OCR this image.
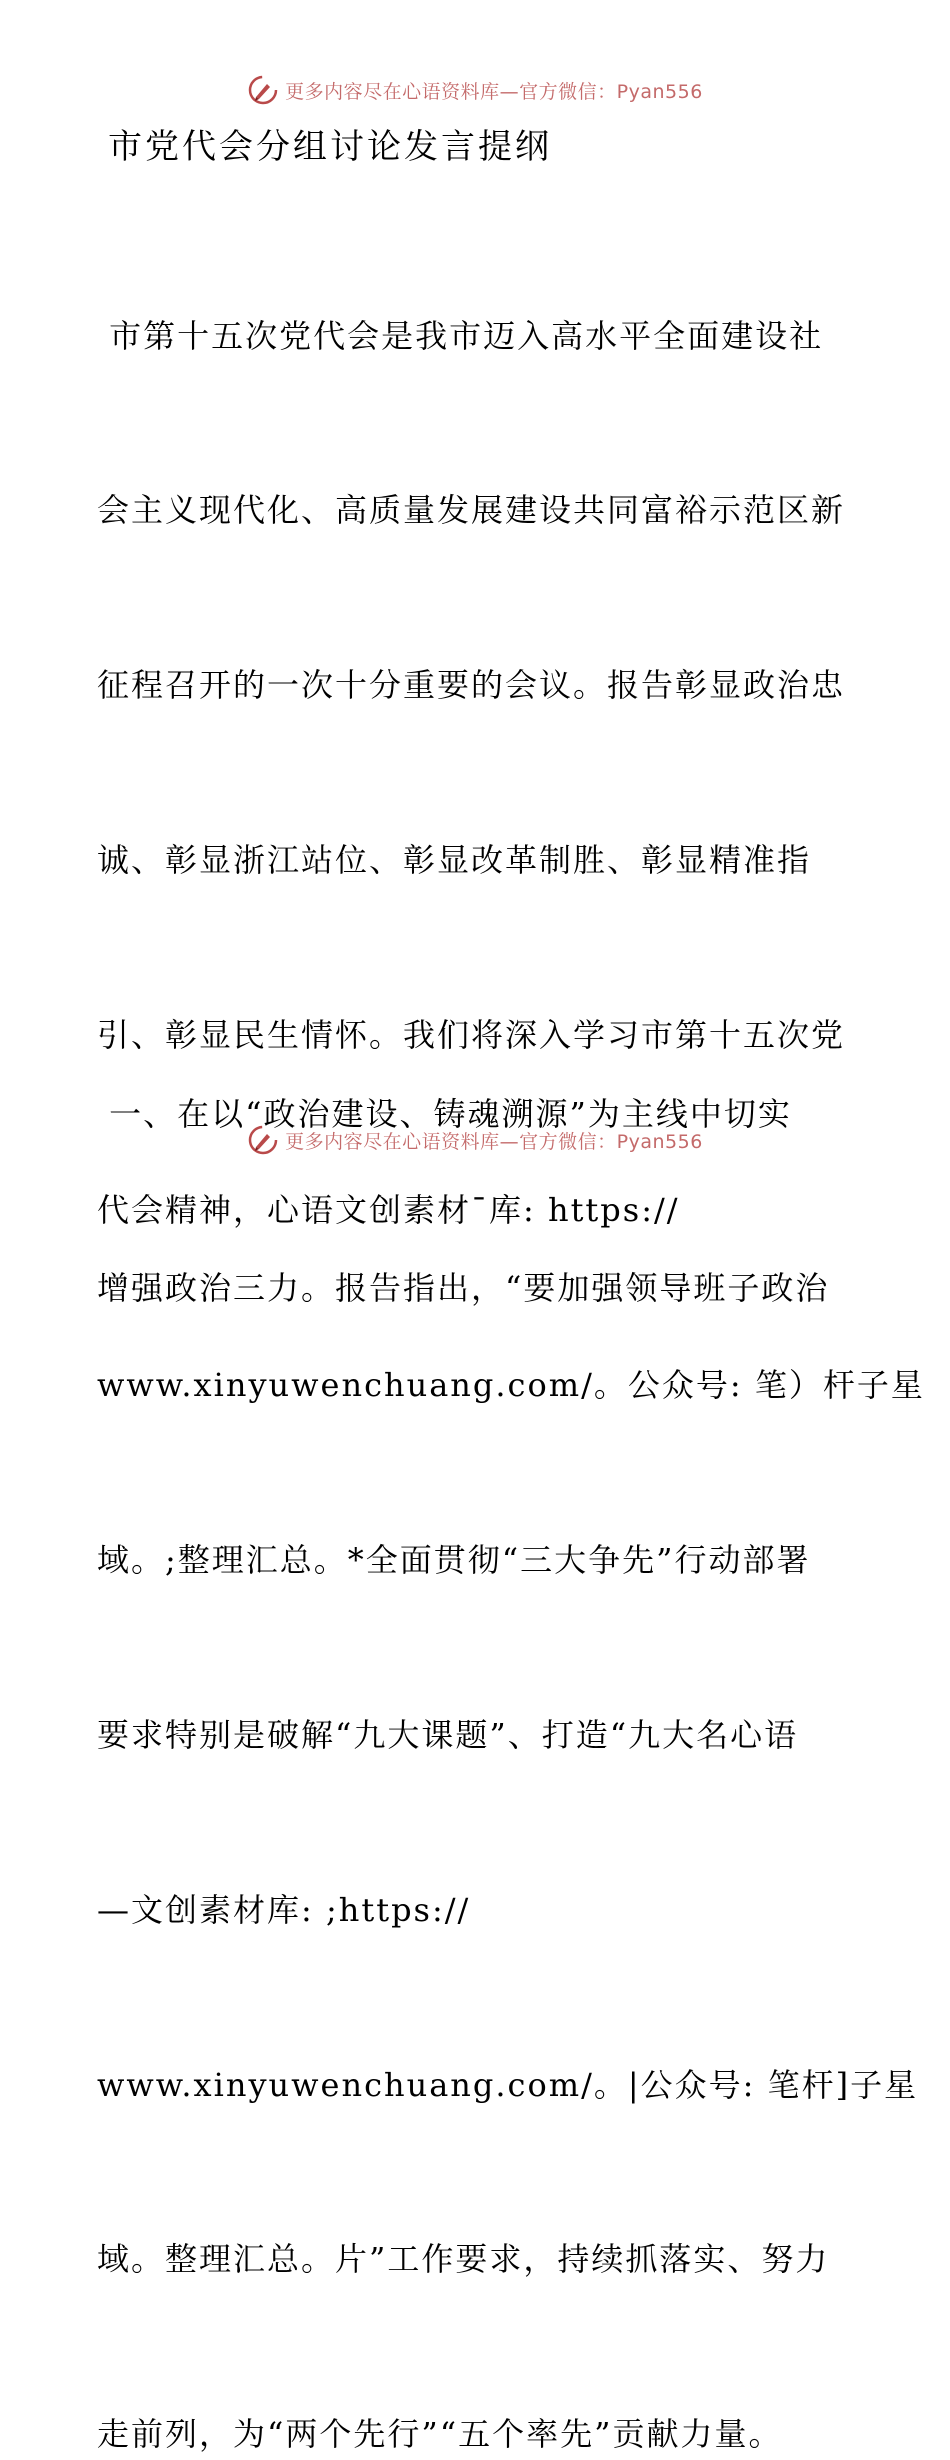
更多内容尽在心语资料库—官方微信：Pyan556
市党代会分组讨论发言提纲

市第十五次党代会是我市迈入高水平全面建设社

会主义现代化、高质量发展建设共同富裕示范区新

征程召开的一次十分重要的会议。报告彰显政治忠

诚、彰显浙江站位、彰显改革制胜、彰显精准指

引、彰显民生情怀。我们将深入学习市第十五次党

代会精神，心语文创素材¯库: https://

www.xinyuwenchuang.com/。公众号: 笔）杆子星

域。;整理汇总。*全面贯彻“三大争先”行动部署

要求特别是破解“九大课题”、打造“九大名心语

—文创素材库: ;https://

www.xinyuwenchuang.com/。|公众号: 笔杆]子星

域。整理汇总。片”工作要求，持续抓落实、努力

走前列，为“两个先行”“五个率先”贡献力量。

一、在以“政治建设、铸魂溯源”为主线中切实

增强政治三力。报告指出，“要加强领导班子政治

更多内容尽在心语资料库—官方微信：Pyan556
